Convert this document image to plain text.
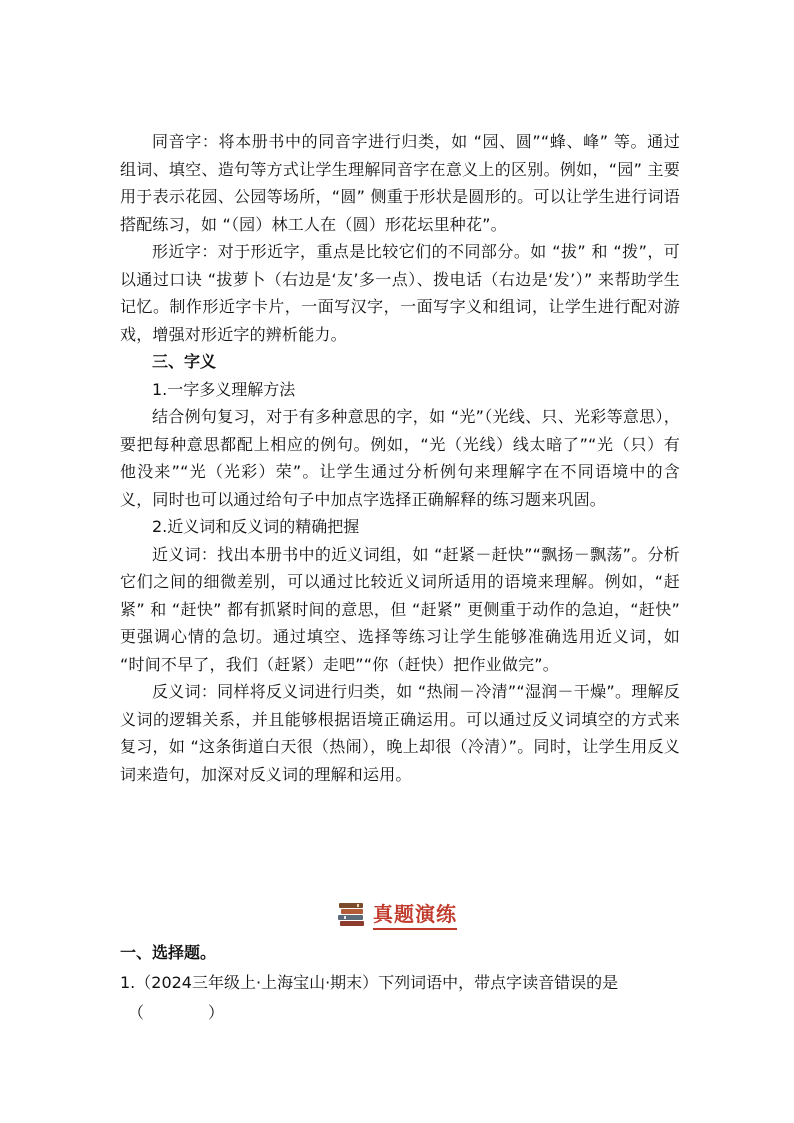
同音字：将本册书中的同音字进行归类，如 “园、圆”“蜂、峰” 等。通过组词、填空、造句等方式让学生理解同音字在意义上的区别。例如，“园” 主要用于表示花园、公园等场所，“圆” 侧重于形状是圆形的。可以让学生进行词语搭配练习，如 “（园）林工人在（圆）形花坛里种花”。

形近字：对于形近字，重点是比较它们的不同部分。如 “拔” 和 “拨”，可以通过口诀 “拔萝卜（右边是‘友’多一点）、拨电话（右边是‘发’）” 来帮助学生记忆。制作形近字卡片，一面写汉字，一面写字义和组词，让学生进行配对游戏，增强对形近字的辨析能力。

三、字义

1.一字多义理解方法

结合例句复习，对于有多种意思的字，如 “光”（光线、只、光彩等意思），要把每种意思都配上相应的例句。例如，“光（光线）线太暗了”“光（只）有他没来”“光（光彩）荣”。让学生通过分析例句来理解字在不同语境中的含义，同时也可以通过给句子中加点字选择正确解释的练习题来巩固。

2.近义词和反义词的精确把握

近义词：找出本册书中的近义词组，如 “赶紧－赶快”“飘扬－飘荡”。分析它们之间的细微差别，可以通过比较近义词所适用的语境来理解。例如，“赶紧” 和 “赶快” 都有抓紧时间的意思，但 “赶紧” 更侧重于动作的急迫，“赶快” 更强调心情的急切。通过填空、选择等练习让学生能够准确选用近义词，如 “时间不早了，我们（赶紧）走吧”“你（赶快）把作业做完”。

反义词：同样将反义词进行归类，如 “热闹－冷清”“湿润－干燥”。理解反义词的逻辑关系，并且能够根据语境正确运用。可以通过反义词填空的方式来复习，如 “这条街道白天很（热闹），晚上却很（冷清）”。同时，让学生用反义词来造句，加深对反义词的理解和运用。

真题演练

一、选择题。

1.（2024三年级上·上海宝山·期末）下列词语中，带点字读音错误的是

（　　　　）
